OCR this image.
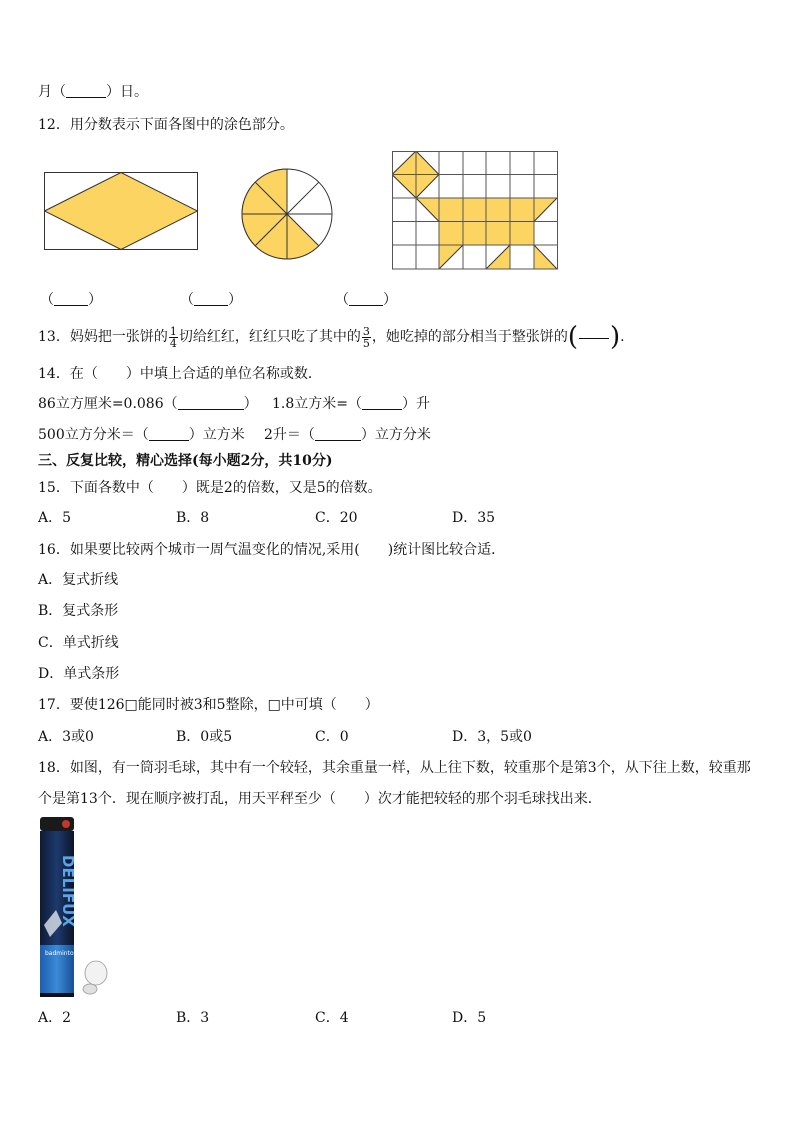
月（	）日。
12．用分数表示下面各图中的涂色部分。
（ ）	（ ）	（ ）
13．妈妈把一张饼的 $\frac{1}{4}$ 切给红红，红红只吃了其中的 $\frac{3}{5}$ ，她吃掉的部分相当于整张饼的( ).
14．在（　　）中填上合适的单位名称或数．
86立方厘米=0.086（	） 1.8立方米=（	）升
500立方分米＝（	）立方米 2升＝（	）立方分米
三、反复比较，精心选择(每小题2分，共10分)
15．下面各数中（　　）既是2的倍数，又是5的倍数。
A．5	B．8	C．20	D．35
16．如果要比较两个城市一周气温变化的情况,采用(　　)统计图比较合适．
A．复式折线
B．复式条形
C．单式折线
D．单式条形
17．要使126□能同时被3和5整除，□中可填（　　）
A．3或0	B．0或5	C．0	D．3，5或0
18．如图，有一筒羽毛球，其中有一个较轻，其余重量一样，从上往下数，较重那个是第3个，从下往上数，较重那
个是第13个．现在顺序被打乱，用天平秤至少（　　）次才能把较轻的那个羽毛球找出来．
DELIFUX
badminton
A．2	B．3	C．4	D．5
